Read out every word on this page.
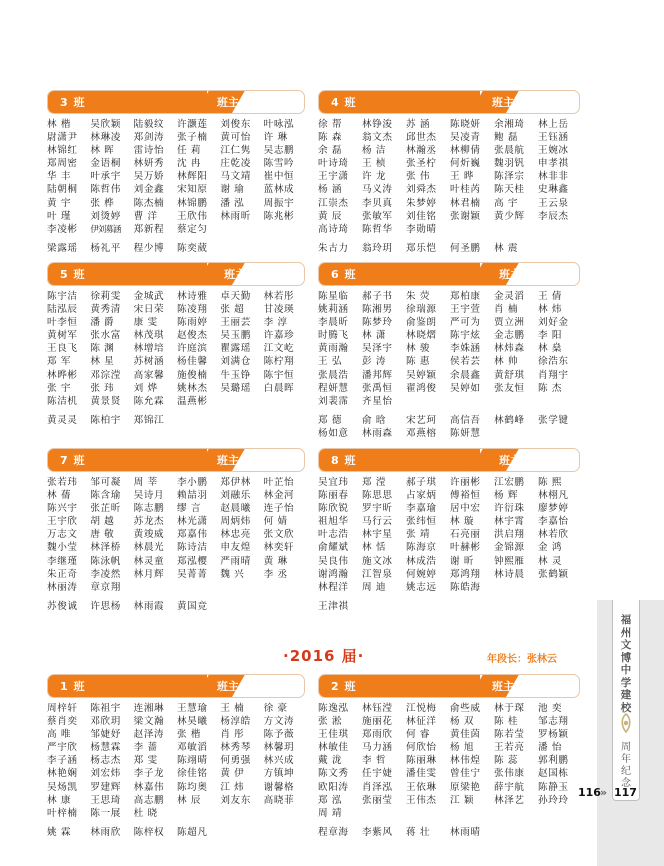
3 班	班主任：李于炎
林 楷	吴欣颖	陆毅纹	许灏莲	刘俊东	叶咏泓
尉潇尹	林琳凌	郑剑涛	张子楠	黄可怡	许 琳
林锦红	林 晖	雷诗怡	任 莉	江仁隽	吴志鹏
郑周密	金语桐	林妍秀	沈 冉	庄乾凌	陈雪吟
华 丰	叶承宇	吴万娇	林辉阳	马文靖	崔中恒
陆朝桐	陈哲伟	刘金鑫	宋知原	谢 瑜	蓝林成
黄 宇	张 桦	陈杰楠	林锦鹏	潘 泓	周振宇
叶 瑾	刘烫婷	曹 洋	王欣伟	林雨昕	陈兆彬
李凌彬	伊刘募涵	郑新程	蔡定匀
梁露瑶	杨礼平	程少博	陈奕葳
4 班	班主任：王丽娜
徐 帮	林铮浚	苏 涵	陈晓妍	余湘琦	林上岳
陈 森	翁文杰	邱世杰	吴凌青	鲍 磊	王钰涵
余 磊	杨 洁	林瀚丞	林柳倩	张晨航	王婉冰
叶诗琦	王 桢	张圣柠	何炘巍	魏羽钒	申孝祺
王宇潇	许 龙	张 伟	王 晔	陈泽宗	林非非
杨 涵	马义涛	刘舜杰	叶桂芮	陈天桂	史琳鑫
江崇杰	李贝真	朱梦婷	林君楠	高 宇	王云泉
黄 辰	张敏军	刘佳铭	张谢颖	黄少辉	李辰杰
高诗琦	陈哲华	李勋晴
朱古力	翁玲玥	郑乐恺	何圣鹏	林 震
5 班	班主任：林 玲
陈宇洁	徐莉雯	金城武	林诗雅	卓天勤	林若彤
陆泓辰	黄秀清	宋日荣	陈凌翔	张 超	甘凌瑛
叶李恒	潘 爵	康 雯	陈雨婷	王丽芸	李 淳
黄树军	张水富	林茂琪	赵俊杰	吴玉鹏	许嘉珍
王良飞	陈 渊	林增培	许庭滨	瞿露瑶	江文屹
郑 军	林 星	苏树涵	杨佳馨	刘满仓	陈柠翔
林晔彬	邓淙滢	高家馨	施俊楠	牛玉铮	陈宇恒
张 宇	张 玮	刘 烨	姚林杰	吴璐瑶	白晨晖
陈洁机	黄景贤	陈允霖	温燕彬
黄灵灵	陈柏宇	郑锦江
6 班	班主任：陈 燕
陈星临	郝子书	朱 荧	郑柏康	金灵滔	王 倩
姚莉涵	陈湘男	徐瑞源	王宇萱	肖 楠	林 炜
李晨昕	陈梦玲	俞鉴朗	严可为	贾立洲	刘好金
时腾飞	林 潇	林晓熠	陈宇炫	金志鹏	李 阳
黄雨瀚	吴泽宇	林 骏	李姝涵	林炜森	林 燊
王 弘	彭 涛	陈 惠	侯若芸	林 帅	徐浩东
张晨浩	潘邦辉	吴婷颖	余晨鑫	黄舒琪	肖翔宇
程妍慧	张禹恒	翟鸿俊	吴婷如	张友恒	陈 杰
刘裴霈	齐星怡
郑 德	俞 晗	宋艺珂	高信吾	林鹤峰	张学键
杨如意	林雨森	邓燕榕	陈妍慧
7 班	班主任：林金土
张若玮	邹可凝	周 莘	李小鹏	郑伊林	叶芷怡
林 蒨	陈含瑜	吴诗月	赖喆羽	刘融乐	林金河
陈兴宇	张芷昕	陈志鹏	缪 言	赵晨曦	连子怡
王宇欣	胡 越	苏龙杰	林光潇	周炳炜	何 婧
万志文	唐 敬	黄竣威	郑嘉伟	林忠亮	张文欣
魏小莹	林泽桥	林晨光	陈诗洁	申友煌	林奕轩
李继瑾	陈泳帆	林灵童	郑泓樱	严雨晴	黄 琳
朱正奇	李凌然	林月辉	吴菁菁	魏 兴	李 丞
林丽涛	章京翔
苏俊诚	许思杨	林雨霞	黄国竞
8 班	班主任：黄 鑫
吴宜玮	郑 滢	郝子琪	许丽彬	江宏鹏	陈 熙
陈丽春	陈思思	占家炳	傅裕恒	杨 辉	林栩凡
陈欣锐	罗宇昕	李嘉瑜	居中宏	许衍珠	廖梦婷
祖旭华	马行云	张纬恒	林 璇	林宇霄	李嘉怡
叶志浩	林宇星	张 靖	石亮丽	洪启翔	林若欣
俞耀斌	林 恬	陈海京	叶赫彬	金锦源	金 鸿
吴良伟	施文冰	林成浩	谢 昕	钟熙雁	林 灵
谢鸿瀚	江智泉	何婉婷	郑鸿翔	林诗晨	张鹤颖
林程洋	周 迪	姚志远	陈皓海
王津祺
·2016 届·	年段长：张林云
1 班	班主任：陈慧君
周梓轩	陈祖宇	连湘琳	王慧瑜	王 楠	徐 豪
蔡肖奕	邓欣玥	梁文瀚	林昊曦	杨淳皓	方文涛
高 唯	邹婕妤	赵泽涛	张 楷	肖 彤	陈予薇
严宇欣	杨慧霖	李 蔷	邓敏滔	林秀琴	林馨玥
李子涵	杨志杰	郑 雯	陈翊晴	何勇强	林兴成
林艳娴	刘宏炜	李子龙	徐佳铭	黄 伊	方镇坤
吴炀凯	罗建辉	林嘉伟	陈均奥	江 炜	谢馨格
林 康	王思琦	高志鹏	林 辰	刘友东	高晓菲
叶梓楠	陈一展	杜 晓
姚 霖	林雨欣	陈梓权	陈超凡
2 班	班主任：陈艳君
陈逸泓	林钰滢	江悦梅	俞些威	林于琛	池 奕
张 淞	施丽花	林征洋	杨 双	陈 桂	邹志翔
王佳琪	郑雨欣	何 睿	黄佳茵	陈若莹	罗杨颖
林敏佳	马力涵	何欣怡	杨 旭	王若亮	潘 怡
戴 泷	李 哲	陈丽琳	林伟煌	陈 蕊	郭利鹏
陈文秀	任宇婕	潘佳雯	曾佳宁	张伟康	赵国栋
欧阳涛	肖泽泓	王依琳	原梁艳	薛宇航	陈静玉
郑 泓	张丽莹	王伟杰	江 颖	林泽艺	孙玲玲
周 靖
程章海	李紫风	蒋 壮	林雨晴
福州文博中学建校
周年纪念
116 » 117
